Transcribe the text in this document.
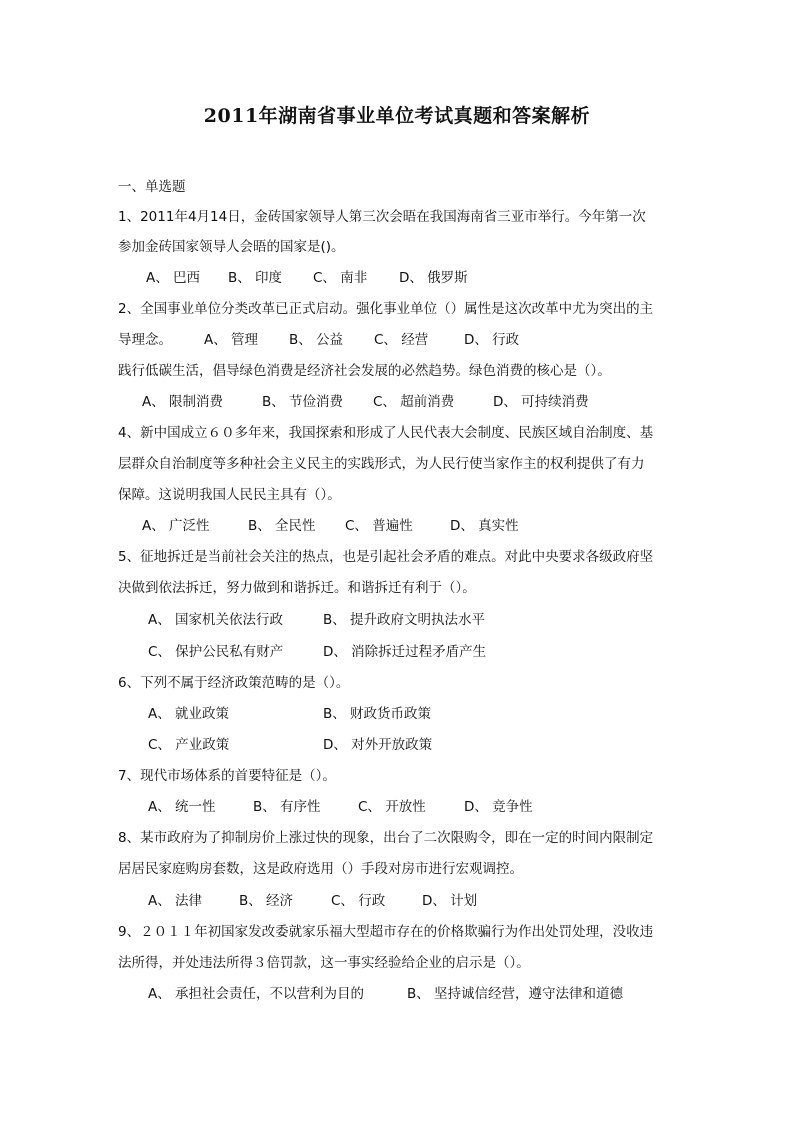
2011年湖南省事业单位考试真题和答案解析
一、单选题
1、2011年4月14日，金砖国家领导人第三次会晤在我国海南省三亚市举行。今年第一次
参加金砖国家领导人会晤的国家是()。
A、 巴西 B、 印度 C、 南非 D、 俄罗斯
2、全国事业单位分类改革已正式启动。强化事业单位（）属性是这次改革中尤为突出的主
导理念。 A、 管理 B、 公益 C、 经营	D、 行政
践行低碳生活，倡导绿色消费是经济社会发展的必然趋势。绿色消费的核心是（）。
A、 限制消费	B、 节俭消费 C、 超前消费	D、 可持续消费
4、新中国成立６０多年来，我国探索和形成了人民代表大会制度、民族区域自治制度、基
层群众自治制度等多种社会主义民主的实践形式，为人民行使当家作主的权利提供了有力
保障。这说明我国人民民主具有（）。
A、 广泛性	B、 全民性 C、 普遍性	D、 真实性
5、征地拆迁是当前社会关注的热点，也是引起社会矛盾的难点。对此中央要求各级政府坚
决做到依法拆迁，努力做到和谐拆迁。和谐拆迁有利于（）。
A、 国家机关依法行政	B、 提升政府文明执法水平
C、 保护公民私有财产	D、 消除拆迁过程矛盾产生
6、下列不属于经济政策范畴的是（）。
A、 就业政策	B、 财政货币政策
C、 产业政策	D、 对外开放政策
7、现代市场体系的首要特征是（）。
A、 统一性	B、 有序性	C、 开放性	D、 竞争性
8、某市政府为了抑制房价上涨过快的现象，出台了二次限购令，即在一定的时间内限制定
居居民家庭购房套数，这是政府选用（）手段对房市进行宏观调控。
A、 法律	B、 经济	C、 行政	D、 计划
9、２０１１年初国家发改委就家乐福大型超市存在的价格欺骗行为作出处罚处理，没收违
法所得，并处违法所得３倍罚款，这一事实经验给企业的启示是（）。
A、 承担社会责任，不以营利为目的	B、 坚持诚信经营，遵守法律和道德
